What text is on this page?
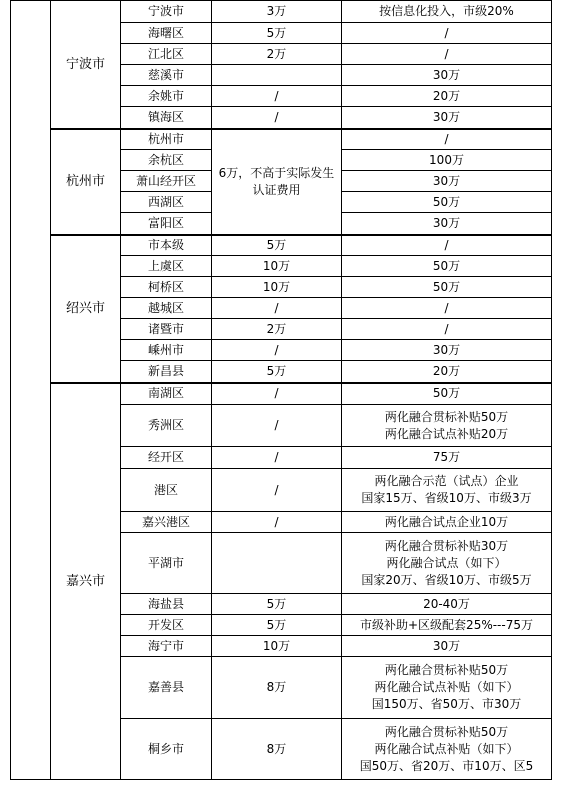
	宁波市	宁波市	3万	按信息化投入，市级20%
		海曙区	5万	/
		江北区	2万	/
		慈溪市		30万
		余姚市	/	20万
		镇海区	/	30万
	杭州市	杭州市	6万，不高于实际发生认证费用	/
		余杭区		100万
		萧山经开区		30万
		西湖区		50万
		富阳区		30万
	绍兴市	市本级	5万	/
		上虞区	10万	50万
		柯桥区	10万	50万
		越城区	/	/
		诸暨市	2万	/
		嵊州市	/	30万
		新昌县	5万	20万
	嘉兴市	南湖区	/	50万

		秀洲区	/	两化融合贯标补贴50万
两化融合试点补贴20万

		经开区	/	75万

		港区	/	两化融合示范（试点）企业
国家15万、省级10万、市级3万

		嘉兴港区	/	两化融合试点企业10万

		平湖市		两化融合贯标补贴30万
两化融合试点（如下）
国家20万、省级10万、市级5万

		海盐县	5万	20-40万

		开发区	5万	市级补助+区级配套25%---75万

		海宁市	10万	30万

		嘉善县	8万	两化融合贯标补贴50万
两化融合试点补贴（如下）
国150万、省50万、市30万

		桐乡市	8万	两化融合贯标补贴50万
两化融合试点补贴（如下）
国50万、省20万、市10万、区5
